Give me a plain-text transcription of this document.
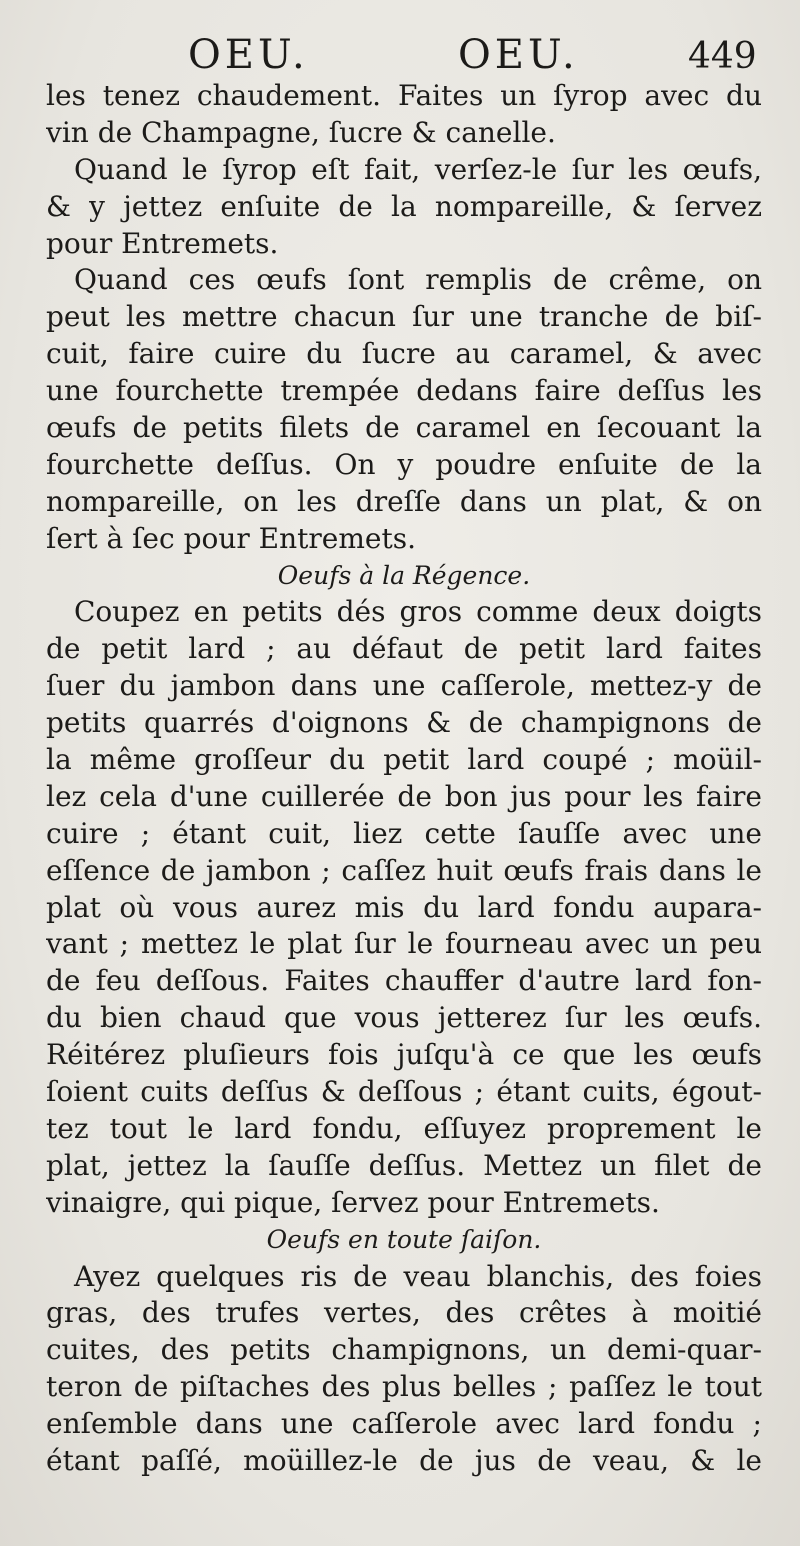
OEU.	OEU.	449
les tenez chaudement. Faites un ſyrop avec du
vin de Champagne, ſucre & canelle.
Quand le ſyrop eſt fait, verſez-le ſur les œufs,
& y jettez enſuite de la nompareille, & ſervez
pour Entremets.
Quand ces œufs ſont remplis de crême, on
peut les mettre chacun ſur une tranche de biſ-
cuit, faire cuire du ſucre au caramel, & avec
une fourchette trempée dedans faire deſſus les
œufs de petits filets de caramel en ſecouant la
fourchette deſſus. On y poudre enſuite de la
nompareille, on les dreſſe dans un plat, & on
ſert à ſec pour Entremets.
Oeufs à la Régence.
Coupez en petits dés gros comme deux doigts
de petit lard ; au défaut de petit lard faites
ſuer du jambon dans une caſſerole, mettez-y de
petits quarrés d'oignons & de champignons de
la même groſſeur du petit lard coupé ; moüil-
lez cela d'une cuillerée de bon jus pour les faire
cuire ; étant cuit, liez cette ſauſſe avec une
eſſence de jambon ; caſſez huit œufs frais dans le
plat où vous aurez mis du lard fondu aupara-
vant ; mettez le plat ſur le fourneau avec un peu
de feu deſſous. Faites chauffer d'autre lard fon-
du bien chaud que vous jetterez ſur les œufs.
Réitérez pluſieurs fois juſqu'à ce que les œufs
ſoient cuits deſſus & deſſous ; étant cuits, égout-
tez tout le lard fondu, eſſuyez proprement le
plat, jettez la ſauſſe deſſus. Mettez un filet de
vinaigre, qui pique, ſervez pour Entremets.
Oeufs en toute ſaiſon.
Ayez quelques ris de veau blanchis, des foies
gras, des trufes vertes, des crêtes à moitié
cuites, des petits champignons, un demi-quar-
teron de piſtaches des plus belles ; paſſez le tout
enſemble dans une caſſerole avec lard fondu ;
étant paſſé, moüillez-le de jus de veau, & le
